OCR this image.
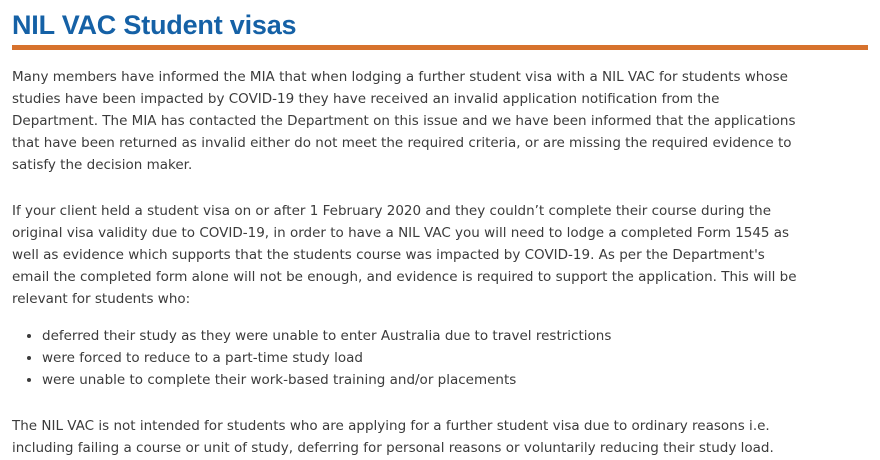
NIL VAC Student visas
Many members have informed the MIA that when lodging a further student visa with a NIL VAC for students whose
studies have been impacted by COVID-19 they have received an invalid application notification from the
Department. The MIA has contacted the Department on this issue and we have been informed that the applications
that have been returned as invalid either do not meet the required criteria, or are missing the required evidence to
satisfy the decision maker.
If your client held a student visa on or after 1 February 2020 and they couldn’t complete their course during the
original visa validity due to COVID-19, in order to have a NIL VAC you will need to lodge a completed Form 1545 as
well as evidence which supports that the students course was impacted by COVID-19. As per the Department's
email the completed form alone will not be enough, and evidence is required to support the application. This will be
relevant for students who:
• deferred their study as they were unable to enter Australia due to travel restrictions
• were forced to reduce to a part-time study load
• were unable to complete their work-based training and/or placements
The NIL VAC is not intended for students who are applying for a further student visa due to ordinary reasons i.e.
including failing a course or unit of study, deferring for personal reasons or voluntarily reducing their study load.
